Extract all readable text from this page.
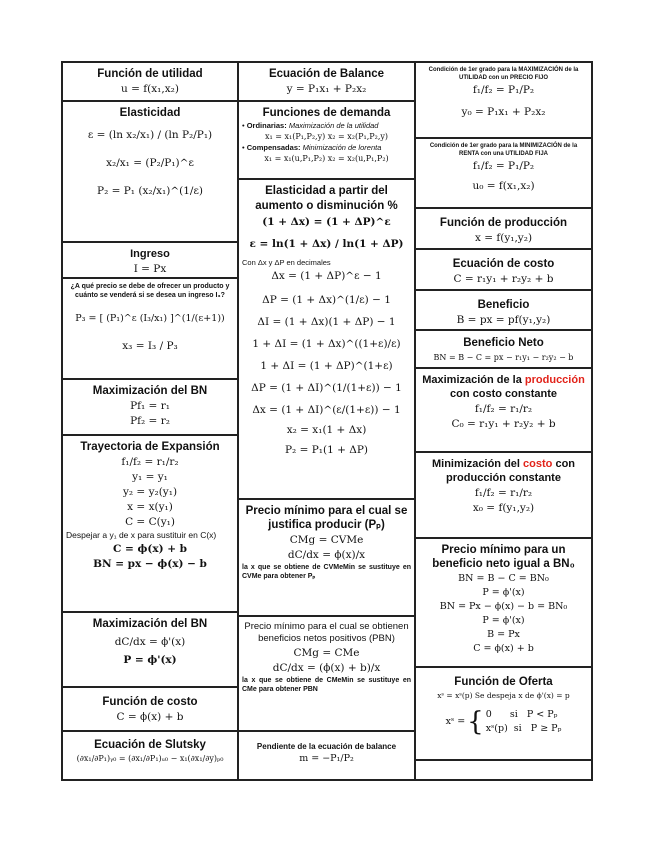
Función de utilidad
u = f(x₁,x₂)
Elasticidad
ε = (ln x₂/x₁) / (ln P₂/P₁)
x₂/x₁ = (P₂/P₁)^ε
P₂ = P₁ (x₂/x₁)^(1/ε)
Ingreso
I = Px
¿A qué precio se debe de ofrecer un producto y cuánto se venderá si se desea un ingreso I₃?
P₃ = [ (P₁)^ε (I₃/x₁) ]^(1/(ε+1))
x₃ = I₃ / P₃
Maximización del BN
Pf₁ = r₁
Pf₂ = r₂
Trayectoria de Expansión
f₁/f₂ = r₁/r₂
y₁ = y₁
y₂ = y₂(y₁)
x = x(y₁)
C = C(y₁)
Despejar a y₁ de x para sustituir en C(x)
C = ϕ(x) + b
BN = px − ϕ(x) − b
Maximización del BN
dC/dx = ϕ'(x)
P = ϕ'(x)
Función de costo
C = ϕ(x) + b
Ecuación de Slutsky
(∂x₁/∂P₁)ᵧ₀ = (∂x₁/∂P₁)ᵤ₀ − x₁(∂x₁/∂y)ₚ₀
Ecuación de Balance
y = P₁x₁ + P₂x₂
Funciones de demanda
• Ordinarias: Maximización de la utilidad
x₁ = x₁(P₁,P₂,y) x₂ = x₂(P₁,P₂,y)
• Compensadas: Minimización de lorenta
x₁ = x₁(u,P₁,P₂) x₂ = x₂(u,P₁,P₂)
Elasticidad a partir del aumento o disminución %
(1 + Δx) = (1 + ΔP)^ε
ε = ln(1 + Δx) / ln(1 + ΔP)
Con Δx y ΔP en decimales
Δx = (1 + ΔP)^ε − 1
ΔP = (1 + Δx)^(1/ε) − 1
ΔI = (1 + Δx)(1 + ΔP) − 1
1 + ΔI = (1 + Δx)^((1+ε)/ε)
1 + ΔI = (1 + ΔP)^(1+ε)
ΔP = (1 + ΔI)^(1/(1+ε)) − 1
Δx = (1 + ΔI)^(ε/(1+ε)) − 1
x₂ = x₁(1 + Δx)
P₂ = P₁(1 + ΔP)
Precio mínimo para el cual se justifica producir (Pₚ)
CMg = CVMe
dC/dx = ϕ(x)/x
la x que se obtiene de CVMeMin se sustituye en CVMe para obtener Pₚ
Precio mínimo para el cual se obtienen beneficios netos positivos (PBN)
CMg = CMe
dC/dx = (ϕ(x) + b)/x
la x que se obtiene de CMeMin se sustituye en CMe para obtener PBN
Pendiente de la ecuación de balance
m = −P₁/P₂
Condición de 1er grado para la MAXIMIZACIÓN de la UTILIDAD con un PRECIO FIJO
f₁/f₂ = P₁/P₂
y₀ = P₁x₁ + P₂x₂
Condición de 1er grado para la MINIMIZACIÓN de la RENTA con una UTILIDAD FIJA
f₁/f₂ = P₁/P₂
u₀ = f(x₁,x₂)
Función de producción
x = f(y₁,y₂)
Ecuación de costo
C = r₁y₁ + r₂y₂ + b
Beneficio
B = px = pf(y₁,y₂)
Beneficio Neto
BN = B − C = px − r₁y₁ − r₂y₂ − b
Maximización de la producción con costo constante
f₁/f₂ = r₁/r₂
C₀ = r₁y₁ + r₂y₂ + b
Minimización del costo con producción constante
f₁/f₂ = r₁/r₂
x₀ = f(y₁,y₂)
Precio mínimo para un beneficio neto igual a BN₀
BN = B − C = BN₀
P = ϕ'(x)
BN = Px − ϕ(x) − b = BN₀
P = ϕ'(x)
B = Px
C = ϕ(x) + b
Función de Oferta
xˢ = xˢ(p) Se despeja x de ϕ'(x) = p
xˢ = { 0      si   P < Pₚ
xˢ(p)  si   P ≥ Pₚ
